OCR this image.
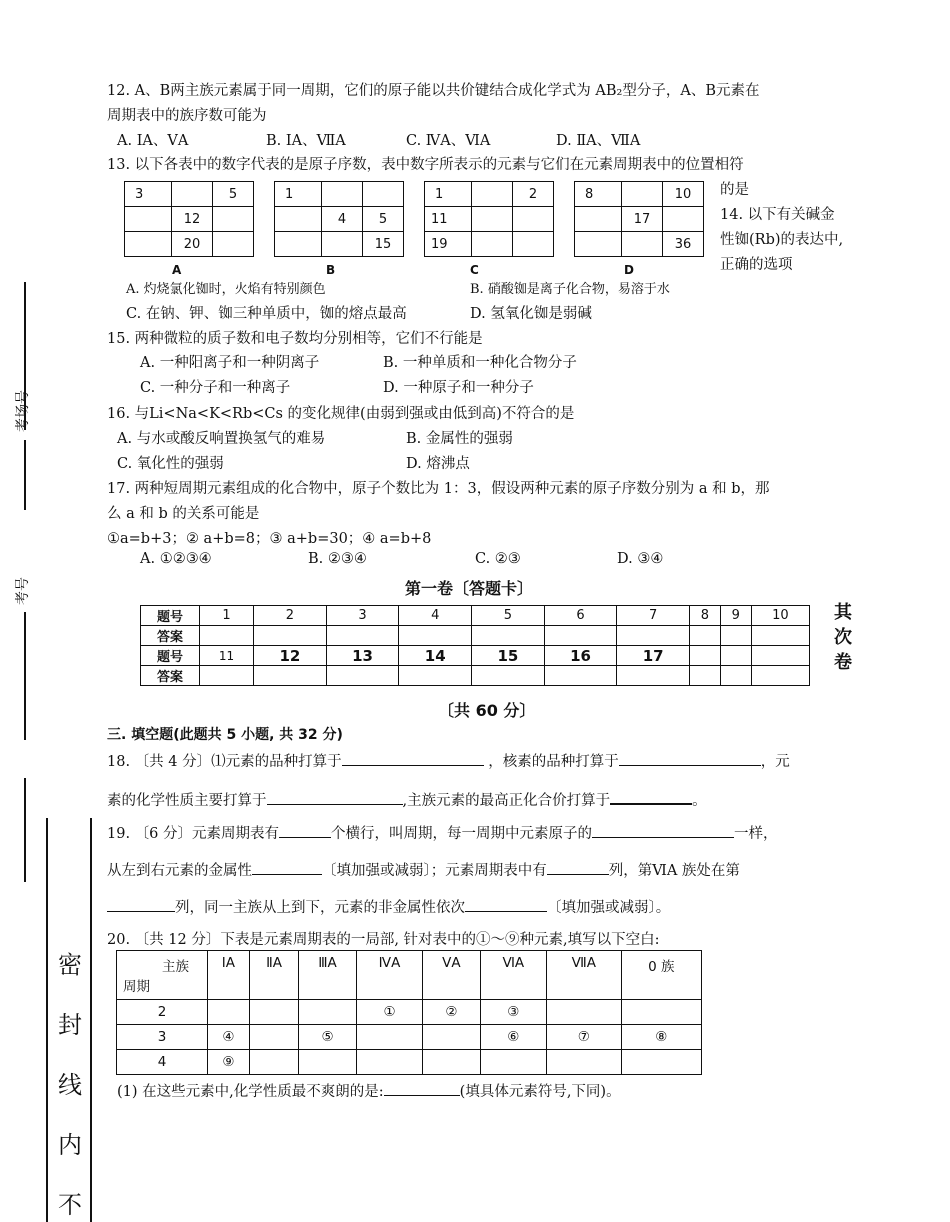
考场号
考号
密
封
线
内
不
12. A、B两主族元素属于同一周期，它们的原子能以共价键结合成化学式为 AB₂型分子，A、B元素在
周期表中的族序数可能为
A. ⅠA、ⅤA	B. ⅠA、ⅦA	C. ⅣA、ⅥA	D. ⅡA、ⅦA
13. 以下各表中的数字代表的是原子序数，表中数字所表示的元素与它们在元素周期表中的位置相符
的是
3		5
	12	
	20	
A
1		
	4	5
		15
B
1		2
11		
19		
C
8		10
	17	
		36
D
14. 以下有关碱金
性铷(Rb)的表达中,
正确的选项
A. 灼烧氯化铷时，火焰有特别颜色	B. 硝酸铷是离子化合物，易溶于水
C. 在钠、钾、铷三种单质中，铷的熔点最高	D. 氢氧化铷是弱碱
15. 两种微粒的质子数和电子数均分别相等，它们不行能是
A. 一种阳离子和一种阴离子	B. 一种单质和一种化合物分子
C. 一种分子和一种离子	D. 一种原子和一种分子
16. 与Li<Na<K<Rb<Cs 的变化规律(由弱到强或由低到高)不符合的是
A. 与水或酸反响置换氢气的难易	B. 金属性的强弱
C. 氧化性的强弱	D. 熔沸点
17. 两种短周期元素组成的化合物中，原子个数比为 1：3，假设两种元素的原子序数分别为 a 和 b，那
么 a 和 b 的关系可能是
①a=b+3；② a+b=8；③ a+b=30；④ a=b+8
A. ①②③④	B. ②③④	C. ②③	D. ③④
第一卷〔答题卡〕
题号	1	2	3	4	5	6	7	8	9	10
答案										
题号	11	12	13	14	15	16	17			
答案										
其
次
卷
〔共 60 分〕
三. 填空题(此题共 5 小题, 共 32 分)
18. 〔共 4 分〕⑴元素的品种打算于	，核素的品种打算于	，元
素的化学性质主要打算于	,主族元素的最高正化合价打算于	。
19. 〔6 分〕元素周期表有	个横行，叫周期，每一周期中元素原子的	一样，
从左到右元素的金属性	〔填加强或减弱〕；元素周期表中有	列，第ⅥA 族处在第
列，同一主族从上到下，元素的非金属性依次	〔填加强或减弱〕。
20. 〔共 12 分〕下表是元素周期表的一局部, 针对表中的①～⑨种元素,填写以下空白:
主族
周期	ⅠA	ⅡA	ⅢA	ⅣA	ⅤA	ⅥA	ⅦA	0 族
2				①	②	③		
3	④		⑤			⑥	⑦	⑧
4	⑨							
(1) 在这些元素中,化学性质最不爽朗的是:	(填具体元素符号,下同)。
